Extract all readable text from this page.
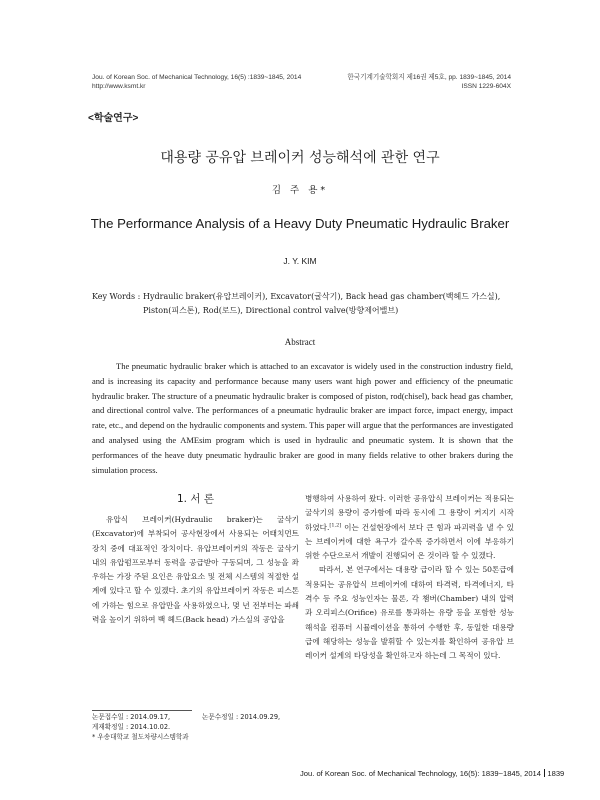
Jou. of Korean Soc. of Mechanical Technology, 16(5) :1839~1845, 2014
http://www.ksmt.kr
한국기계기술학회지 제16권 제5호, pp. 1839~1845, 2014
ISSN 1229-604X
<학술연구>
대용량 공유압 브레이커 성능해석에 관한 연구
김 주 용*
The Performance Analysis of a Heavy Duty Pneumatic Hydraulic Braker
J. Y. KIM
Key Words : Hydraulic braker(유압브레이커), Excavator(굴삭기), Back head gas chamber(백헤드 가스실), Piston(피스톤), Rod(로드), Directional control valve(방향제어밸브)
Abstract
The pneumatic hydraulic braker which is attached to an excavator is widely used in the construction industry field, and is increasing its capacity and performance because many users want high power and efficiency of the pneumatic hydraulic braker. The structure of a pneumatic hydraulic braker is composed of piston, rod(chisel), back head gas chamber, and directional control valve. The performances of a pneumatic hydraulic braker are impact force, impact energy, impact rate, etc., and depend on the hydraulic components and system. This paper will argue that the performances are investigated and analysed using the AMEsim program which is used in hydraulic and pneumatic system. It is shown that the performances of the heave duty pneumatic hydraulic braker are good in many fields relative to other brakers during the simulation process.
1. 서 론
유압식 브레이커(Hydraulic braker)는 굴삭기(Excavator)에 부착되어 공사현장에서 사용되는 어태치먼트 장치 중에 대표적인 장치이다. 유압브레이커의 작동은 굴삭기 내의 유압펌프로부터 동력을 공급받아 구동되며, 그 성능을 좌우하는 가장 주된 요인은 유압요소 및 전체 시스템의 적절한 설계에 있다고 할 수 있겠다. 초기의 유압브레이커 작동은 피스톤에 가하는 힘으로 유압만을 사용하였으나, 몇 년 전부터는 파쇄력을 높이기 위하여 백 헤드(Back head) 가스실의 공압을

병행하여 사용하여 왔다. 이러한 공유압식 브레이커는 적용되는 굴삭기의 용량이 증가함에 따라 동시에 그 용량이 커지기 시작하였다.[1,2] 이는 건설현장에서 보다 큰 힘과 파괴력을 낼 수 있는 브레이커에 대한 욕구가 갈수록 증가하면서 이에 부응하기 위한 수단으로서 개발이 진행되어 온 것이라 할 수 있겠다.

따라서, 본 연구에서는 대용량 급이라 할 수 있는 50톤급에 적용되는 공유압식 브레이커에 대하여 타격력, 타격에너지, 타격수 등 주요 성능인자는 물론, 각 챔버(Chamber) 내의 압력과 오리피스(Orifice) 유로를 통과하는 유량 등을 포함한 성능해석을 컴퓨터 시뮬레이션을 통하여 수행한 후, 동일한 대용량 급에 해당하는 성능을 발휘할 수 있는지를 확인하여 공유압 브레이커 설계의 타당성을 확인하고자 하는데 그 목적이 있다.

논문접수일 : 2014.09.17,	논문수정일 : 2014.09.29,
게재확정일 : 2014.10.02.
* 우송대학교 철도차량시스템학과
Jou. of Korean Soc. of Mechanical Technology, 16(5): 1839~1845, 2014 1839
